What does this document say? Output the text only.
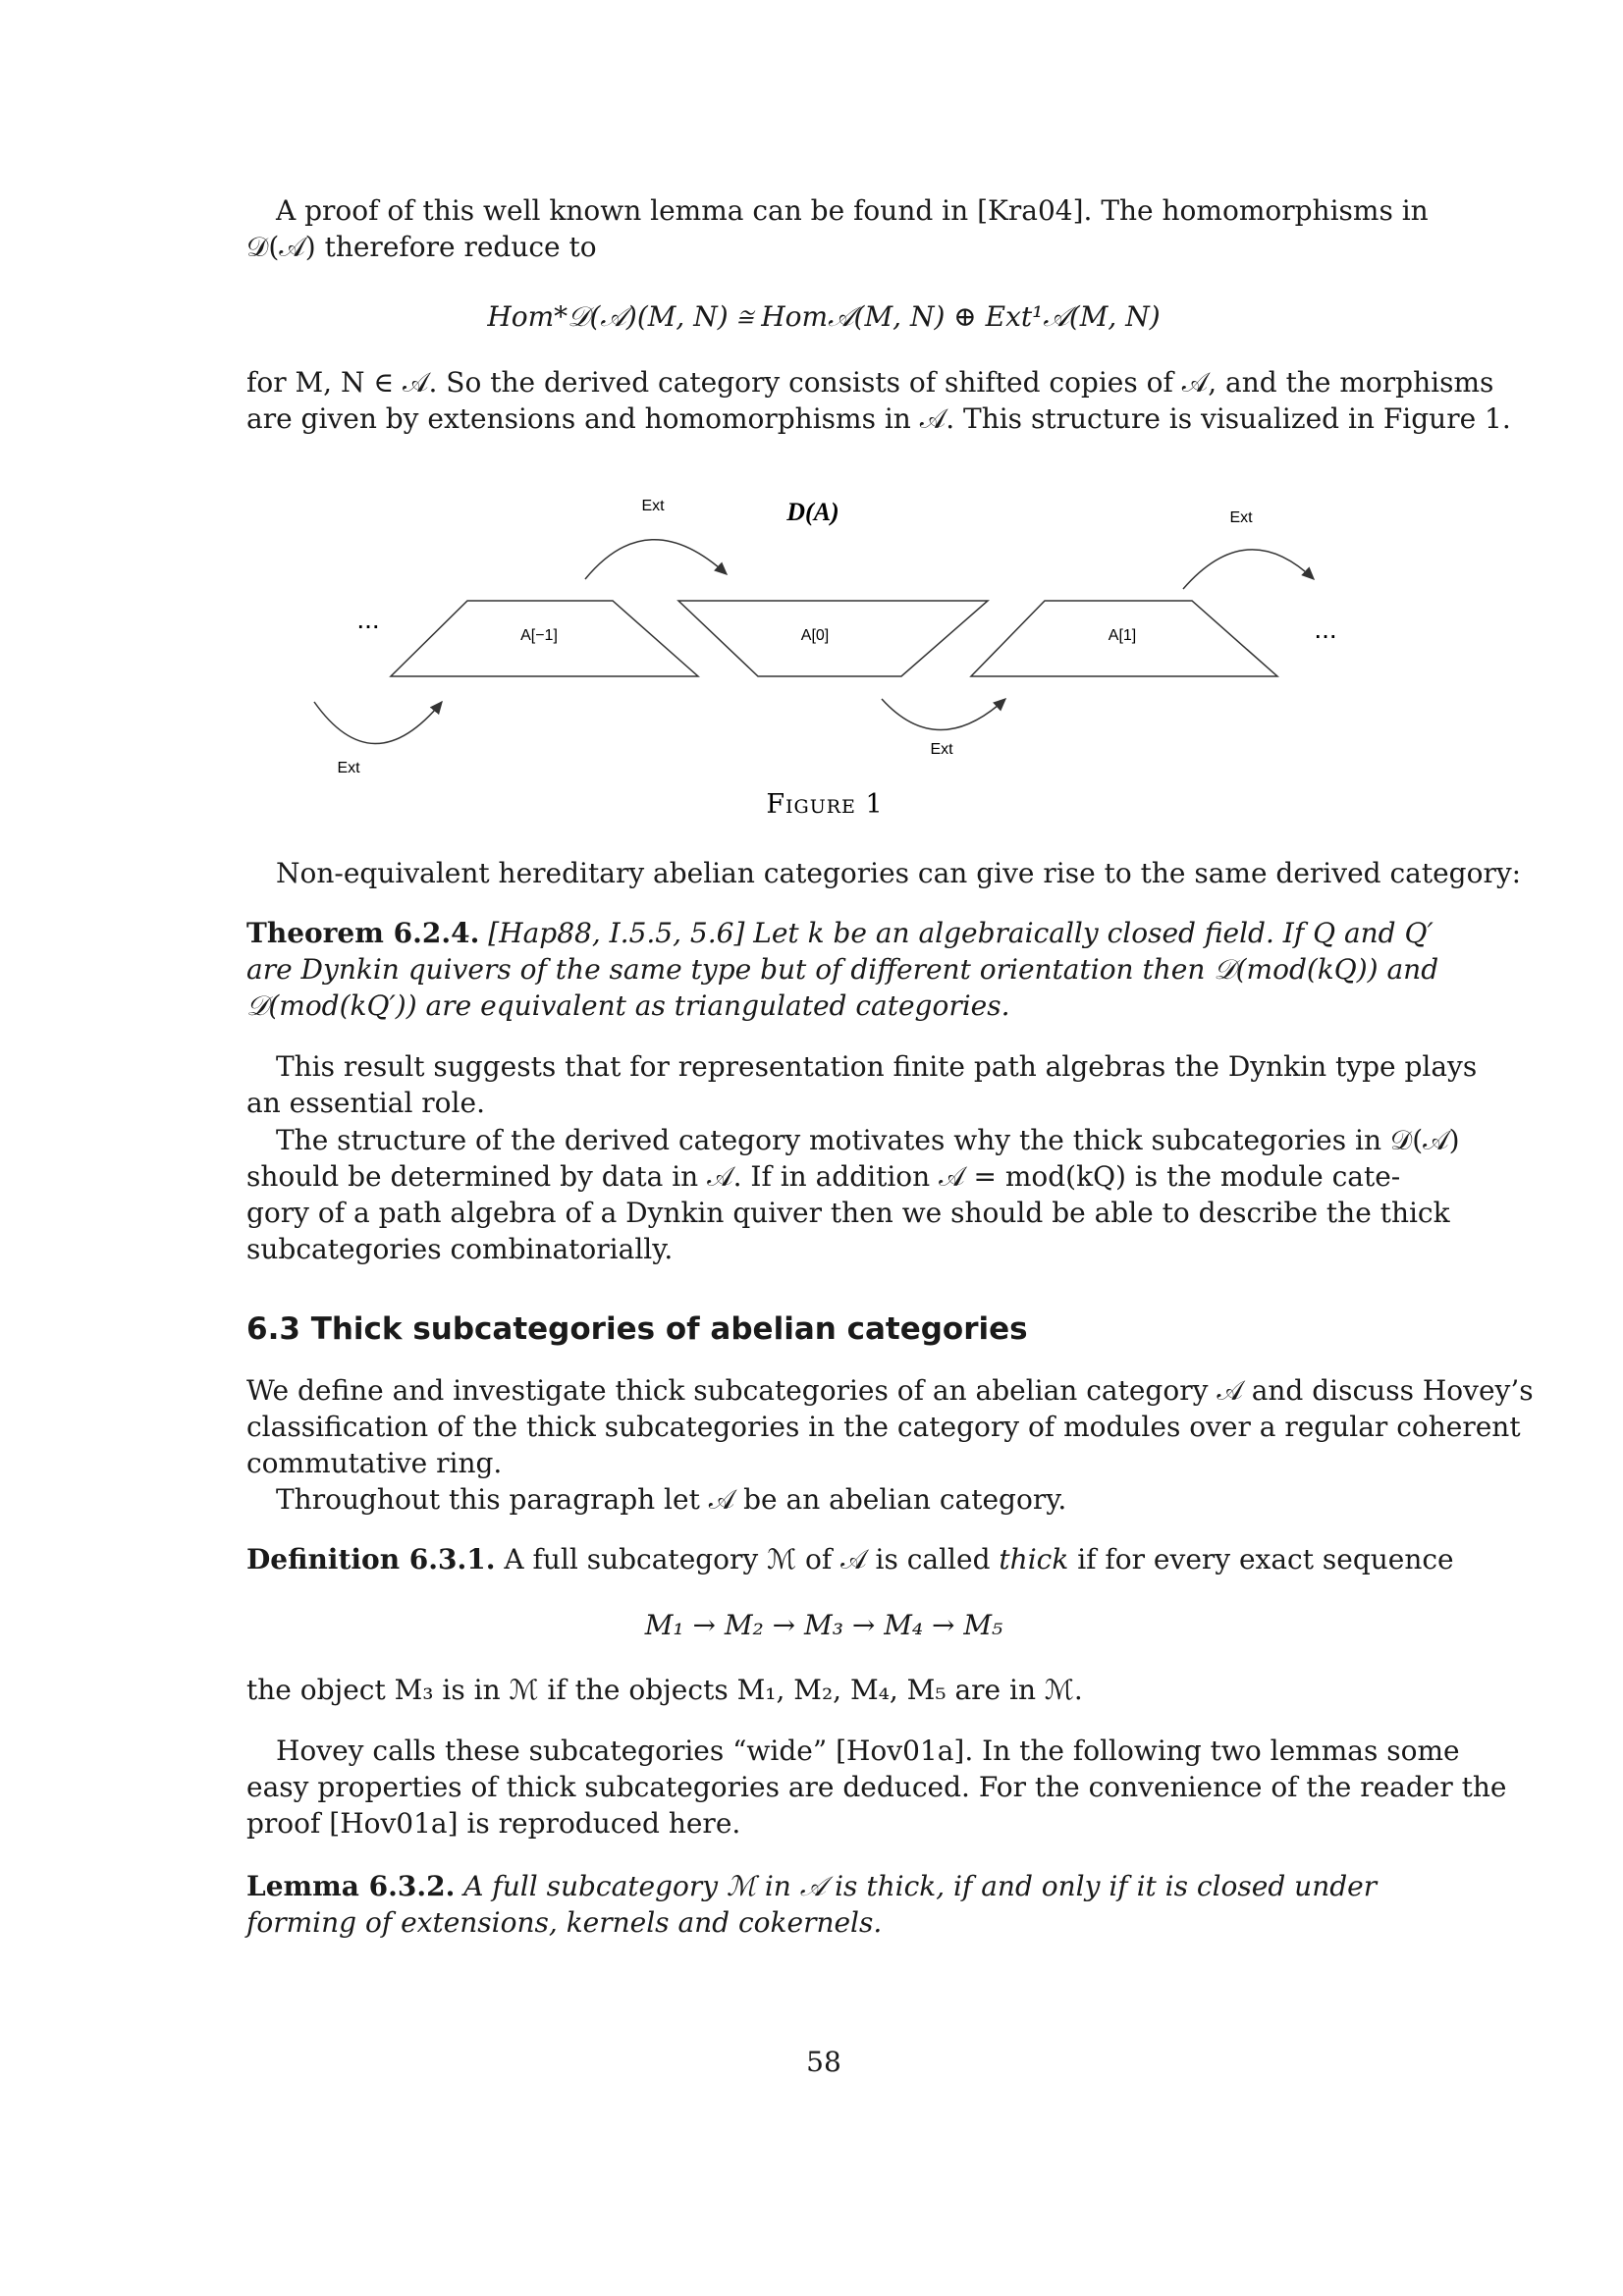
A proof of this well known lemma can be found in [Kra04]. The homomorphisms in

𝒟(𝒜) therefore reduce to

Hom*𝒟(𝒜)(M, N) ≅ Hom𝒜(M, N) ⊕ Ext¹𝒜(M, N)

for M, N ∈ 𝒜. So the derived category consists of shifted copies of 𝒜, and the morphisms

are given by extensions and homomorphisms in 𝒜. This structure is visualized in Figure 1.

D(A)
...	...
A[−1]	A[0]	A[1]
Ext
Ext
Ext
Ext
Figure 1

Non-equivalent hereditary abelian categories can give rise to the same derived category:

Theorem 6.2.4. [Hap88, I.5.5, 5.6] Let k be an algebraically closed field. If Q and Q′

are Dynkin quivers of the same type but of different orientation then 𝒟(mod(kQ)) and

𝒟(mod(kQ′)) are equivalent as triangulated categories.

This result suggests that for representation finite path algebras the Dynkin type plays

an essential role.

The structure of the derived category motivates why the thick subcategories in 𝒟(𝒜)

should be determined by data in 𝒜. If in addition 𝒜 = mod(kQ) is the module cate-

gory of a path algebra of a Dynkin quiver then we should be able to describe the thick

subcategories combinatorially.

6.3 Thick subcategories of abelian categories

We define and investigate thick subcategories of an abelian category 𝒜 and discuss Hovey’s

classification of the thick subcategories in the category of modules over a regular coherent

commutative ring.

Throughout this paragraph let 𝒜 be an abelian category.

Definition 6.3.1. A full subcategory ℳ of 𝒜 is called thick if for every exact sequence

M₁ → M₂ → M₃ → M₄ → M₅

the object M₃ is in ℳ if the objects M₁, M₂, M₄, M₅ are in ℳ.

Hovey calls these subcategories “wide” [Hov01a]. In the following two lemmas some

easy properties of thick subcategories are deduced. For the convenience of the reader the

proof [Hov01a] is reproduced here.

Lemma 6.3.2. A full subcategory ℳ in 𝒜 is thick, if and only if it is closed under

forming of extensions, kernels and cokernels.

58
